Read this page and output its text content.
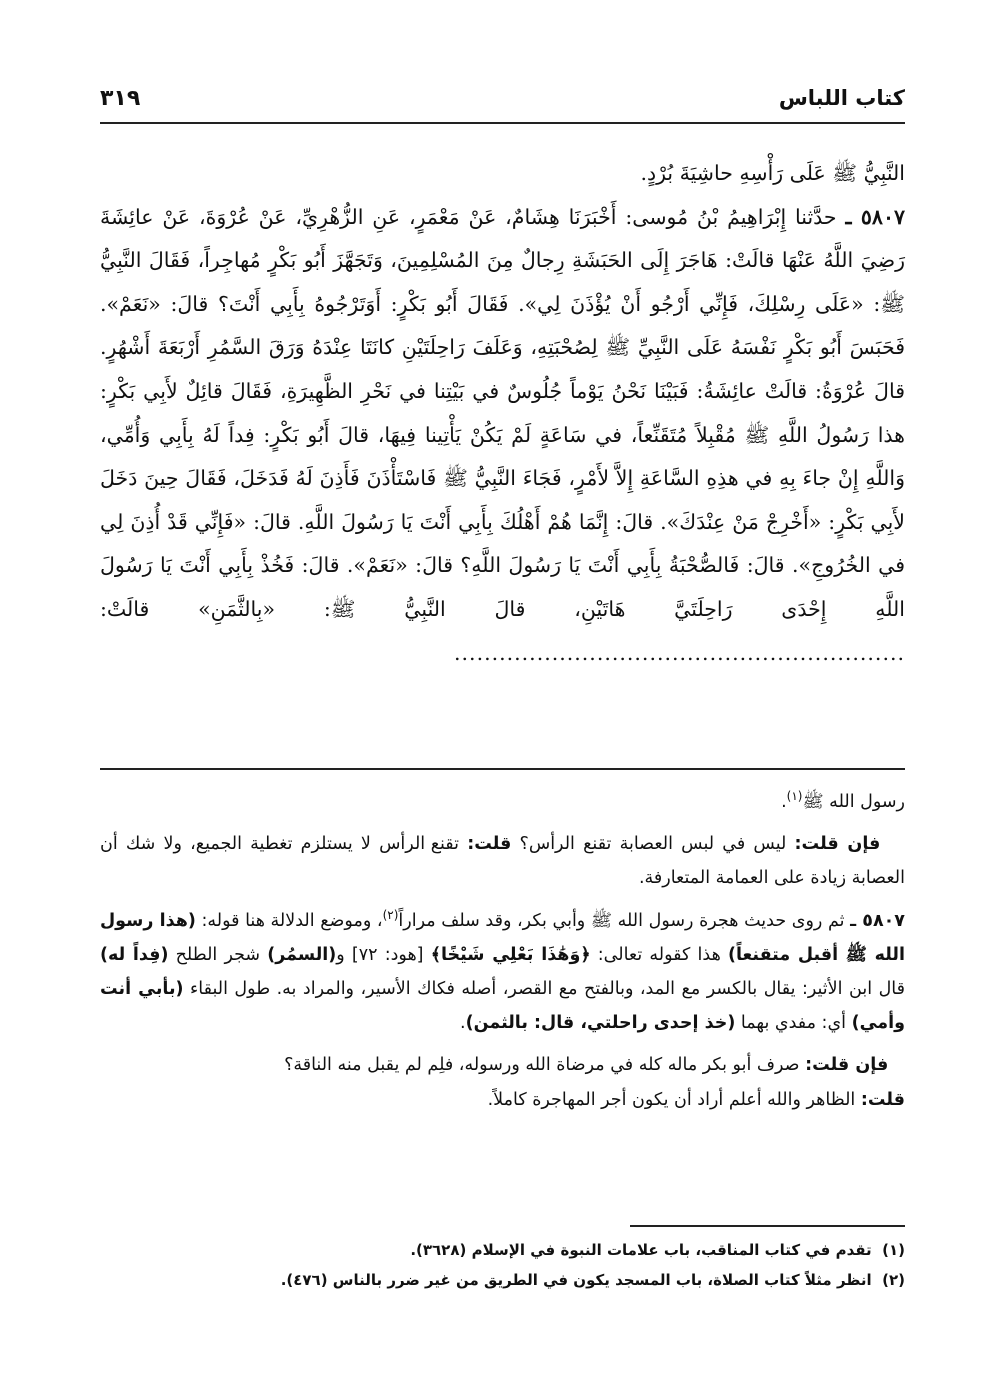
كتاب اللباس
٣١٩

النَّبِيُّ ﷺ عَلَى رَأْسِهِ حاشِيَةَ بُرْدٍ.

٥٨٠٧ ـ حدَّثنا إِبْرَاهِيمُ بْنُ مُوسى: أَخْبَرَنَا هِشَامٌ، عَنْ مَعْمَرٍ، عَنِ الزُّهْرِيِّ، عَنْ عُرْوَةَ، عَنْ عائِشَةَ رَضِيَ اللَّهُ عَنْهَا قالَتْ: هَاجَرَ إِلَى الحَبَشَةِ رِجالٌ مِنَ المُسْلِمِينَ، وَتَجَهَّزَ أَبُو بَكْرٍ مُهاجِراً، فَقَالَ النَّبِيُّ ﷺ: «عَلَى رِسْلِكَ، فَإِنِّي أَرْجُو أَنْ يُؤْذَنَ لِي». فَقَالَ أَبُو بَكْرٍ: أَوَتَرْجُوهُ بِأَبِي أَنْتَ؟ قالَ: «نَعَمْ». فَحَبَسَ أَبُو بَكْرٍ نَفْسَهُ عَلَى النَّبِيِّ ﷺ لِصُحْبَتِهِ، وَعَلَفَ رَاحِلَتَيْنِ كانَتَا عِنْدَهُ وَرَقَ السَّمُرِ أَرْبَعَةَ أَشْهُرٍ. قالَ عُرْوَةُ: قالَتْ عائِشَةُ: فَبَيْنَا نَحْنُ يَوْماً جُلُوسٌ في بَيْتِنا في نَحْرِ الظَّهِيرَةِ، فَقَالَ قائِلٌ لأَبِي بَكْرٍ: هذا رَسُولُ اللَّهِ ﷺ مُقْبِلاً مُتَقَنِّعاً، في سَاعَةٍ لَمْ يَكُنْ يَأْتِينا فِيهَا، قالَ أَبُو بَكْرٍ: فِداً لَهُ بِأَبِي وَأُمِّي، وَاللَّهِ إِنْ جاءَ بِهِ في هذِهِ السَّاعَةِ إِلاَّ لأَمْرٍ، فَجَاءَ النَّبِيُّ ﷺ فَاسْتَأْذَنَ فَأَذِنَ لَهُ فَدَخَلَ، فَقَالَ حِينَ دَخَلَ لأَبِي بَكْرٍ: «أَخْرِجْ مَنْ عِنْدَكَ». قالَ: إِنَّمَا هُمْ أَهْلُكَ بِأَبِي أَنْتَ يَا رَسُولَ اللَّهِ. قالَ: «فَإِنِّي قَدْ أُذِنَ لِي في الخُرُوجِ». قالَ: فَالصُّحْبَةُ بِأَبِي أَنْتَ يَا رَسُولَ اللَّهِ؟ قالَ: «نَعَمْ». قالَ: فَخُذْ بِأَبِي أَنْتَ يَا رَسُولَ اللَّهِ إِحْدَى رَاحِلَتَيَّ هَاتَيْنِ، قالَ النَّبِيُّ ﷺ: «بِالثَّمَنِ» قالَتْ: ............................................................

رسول الله ﷺ$^{(١)}$.

فإن قلت: ليس في لبس العصابة تقنع الرأس؟ قلت: تقنع الرأس لا يستلزم تغطية الجميع، ولا شك أن العصابة زيادة على العمامة المتعارفة.

٥٨٠٧ ـ ثم روى حديث هجرة رسول الله ﷺ وأبي بكر، وقد سلف مراراً$^{(٢)}$، وموضع الدلالة هنا قوله: (هذا رسول الله ﷺ أقبل متقنعاً) هذا كقوله تعالى: ﴿وَهَٰذَا بَعْلِي شَيْخًا﴾ [هود: ٧٢] و(السمُر) شجر الطلح (فِداً له) قال ابن الأثير: يقال بالكسر مع المد، وبالفتح مع القصر، أصله فكاك الأسير، والمراد به. طول البقاء (بأبي أنت وأمي) أي: مفدي بهما (خذ إحدى راحلتي، قال: بالثمن).

فإن قلت: صرف أبو بكر ماله كله في مرضاة الله ورسوله، فلِم لم يقبل منه الناقة؟
قلت: الظاهر والله أعلم أراد أن يكون أجر المهاجرة كاملاً.

(١)  تقدم في كتاب المناقب، باب علامات النبوة في الإسلام (٣٦٢٨).

(٢)  انظر مثلاً كتاب الصلاة، باب المسجد يكون في الطريق من غير ضرر بالناس (٤٧٦).
